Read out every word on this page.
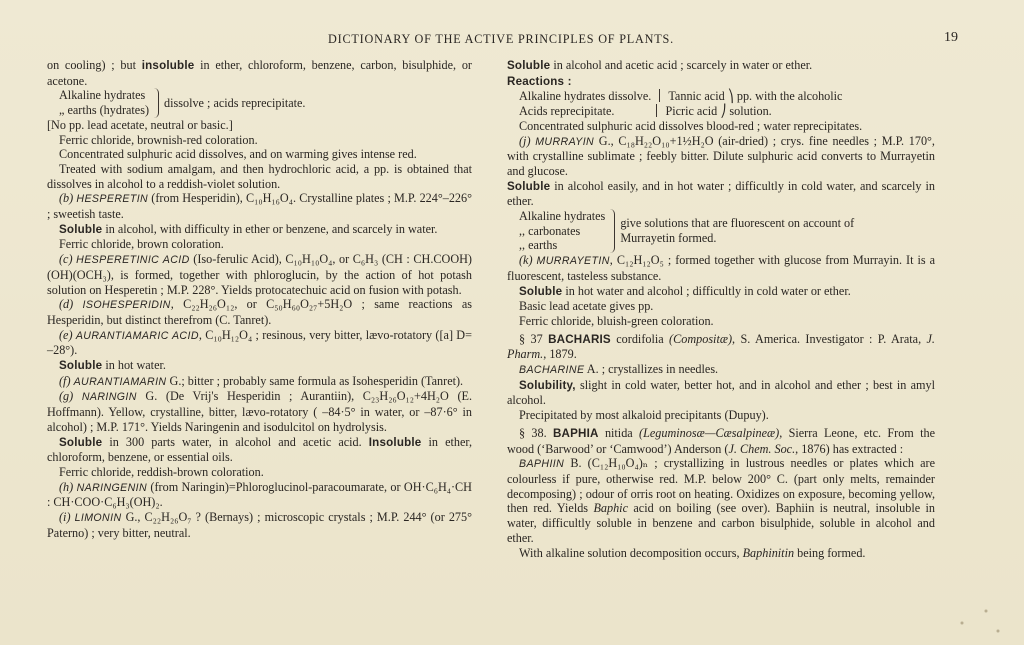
DICTIONARY OF THE ACTIVE PRINCIPLES OF PLANTS.	19

on cooling) ; but insoluble in ether, chloroform, benzene, carbon, bisulphide, or acetone.

Alkaline hydrates
„ earths (hydrates)
dissolve ; acids reprecipitate.

[No pp. lead acetate, neutral or basic.]

Ferric chloride, brownish-red coloration.

Concentrated sulphuric acid dissolves, and on warming gives intense red.

Treated with sodium amalgam, and then hydrochloric acid, a pp. is obtained that dissolves in alcohol to a reddish-violet solution.

(b) HESPERETIN (from Hesperidin), C₁₀H₁₆O₄. Crystalline plates ; M.P. 224°–226° ; sweetish taste.

Soluble in alcohol, with difficulty in ether or benzene, and scarcely in water.

Ferric chloride, brown coloration.

(c) HESPERETINIC ACID (Iso-ferulic Acid), C₁₀H₁₀O₄, or C₆H₃ (CH : CH.COOH)(OH)(OCH₃), is formed, together with phloroglucin, by the action of hot potash solution on Hesperetin ; M.P. 228°. Yields protocatechuic acid on fusion with potash.

(d) ISOHESPERIDIN, C₂₂H₂₆O₁₂, or C₅₀H₆₀O₂₇+5H₂O ; same reactions as Hesperidin, but distinct therefrom (C. Tanret).

(e) AURANTIAMARIC ACID, C₁₀H₁₂O₄ ; resinous, very bitter, lævo-rotatory ([a] D= –28°).

Soluble in hot water.

(f) AURANTIAMARIN G.; bitter ; probably same formula as Isohesperidin (Tanret).

(g) NARINGIN G. (De Vrij's Hesperidin ; Aurantiin), C₂₃H₂₆O₁₂+4H₂O (E. Hoffmann). Yellow, crystalline, bitter, lævo-rotatory ( –84·5° in water, or –87·6° in alcohol) ; M.P. 171°. Yields Naringenin and isodulcitol on hydrolysis.

Soluble in 300 parts water, in alcohol and acetic acid. Insoluble in ether, chloroform, benzene, or essential oils.

Ferric chloride, reddish-brown coloration.

(h) NARINGENIN (from Naringin)=Phloroglucinol-paracoumarate, or OH·C₆H₄·CH : CH·COO·C₆H₃(OH)₂.

(i) LIMONIN G., C₂₂H₂₆O₇ ? (Bernays) ; microscopic crystals ; M.P. 244° (or 275° Paterno) ; very bitter, neutral.

Soluble in alcohol and acetic acid ; scarcely in water or ether.

Reactions :

Alkaline hydrates dissolve. Tannic acid ⎞ pp. with the alcoholic

Acids reprecipitate.	Picric acid ⎠ solution.

Concentrated sulphuric acid dissolves blood-red ; water reprecipitates.

(j) MURRAYIN G., C₁₈H₂₂O₁₀+1½H₂O (air-dried) ; crys. fine needles ; M.P. 170°, with crystalline sublimate ; feebly bitter. Dilute sulphuric acid converts to Murrayetin and glucose.

Soluble in alcohol easily, and in hot water ; difficultly in cold water, and scarcely in ether.

Alkaline hydrates
,, carbonates
,, earths
give solutions that are fluorescent on account of
Murrayetin formed.

(k) MURRAYETIN, C₁₂H₁₂O₅ ; formed together with glucose from Murrayin. It is a fluorescent, tasteless substance.

Soluble in hot water and alcohol ; difficultly in cold water or ether.

Basic lead acetate gives pp.

Ferric chloride, bluish-green coloration.

§ 37 BACHARIS cordifolia (Compositæ), S. America. Investigator : P. Arata, J. Pharm., 1879.

BACHARINE A. ; crystallizes in needles.

Solubility, slight in cold water, better hot, and in alcohol and ether ; best in amyl alcohol.

Precipitated by most alkaloid precipitants (Dupuy).

§ 38. BAPHIA nitida (Leguminosæ—Cæsalpineæ), Sierra Leone, etc. From the wood (‘Barwood’ or ‘Camwood’) Anderson (J. Chem. Soc., 1876) has extracted :

BAPHIIN B. (C₁₂H₁₀O₄)ₙ ; crystallizing in lustrous needles or plates which are colourless if pure, otherwise red. M.P. below 200° C. (part only melts, remainder decomposing) ; odour of orris root on heating. Oxidizes on exposure, becoming yellow, then red. Yields Baphic acid on boiling (see over). Baphiin is neutral, insoluble in water, difficultly soluble in benzene and carbon bisulphide, soluble in alcohol and ether.

With alkaline solution decomposition occurs, Baphinitin being formed.
